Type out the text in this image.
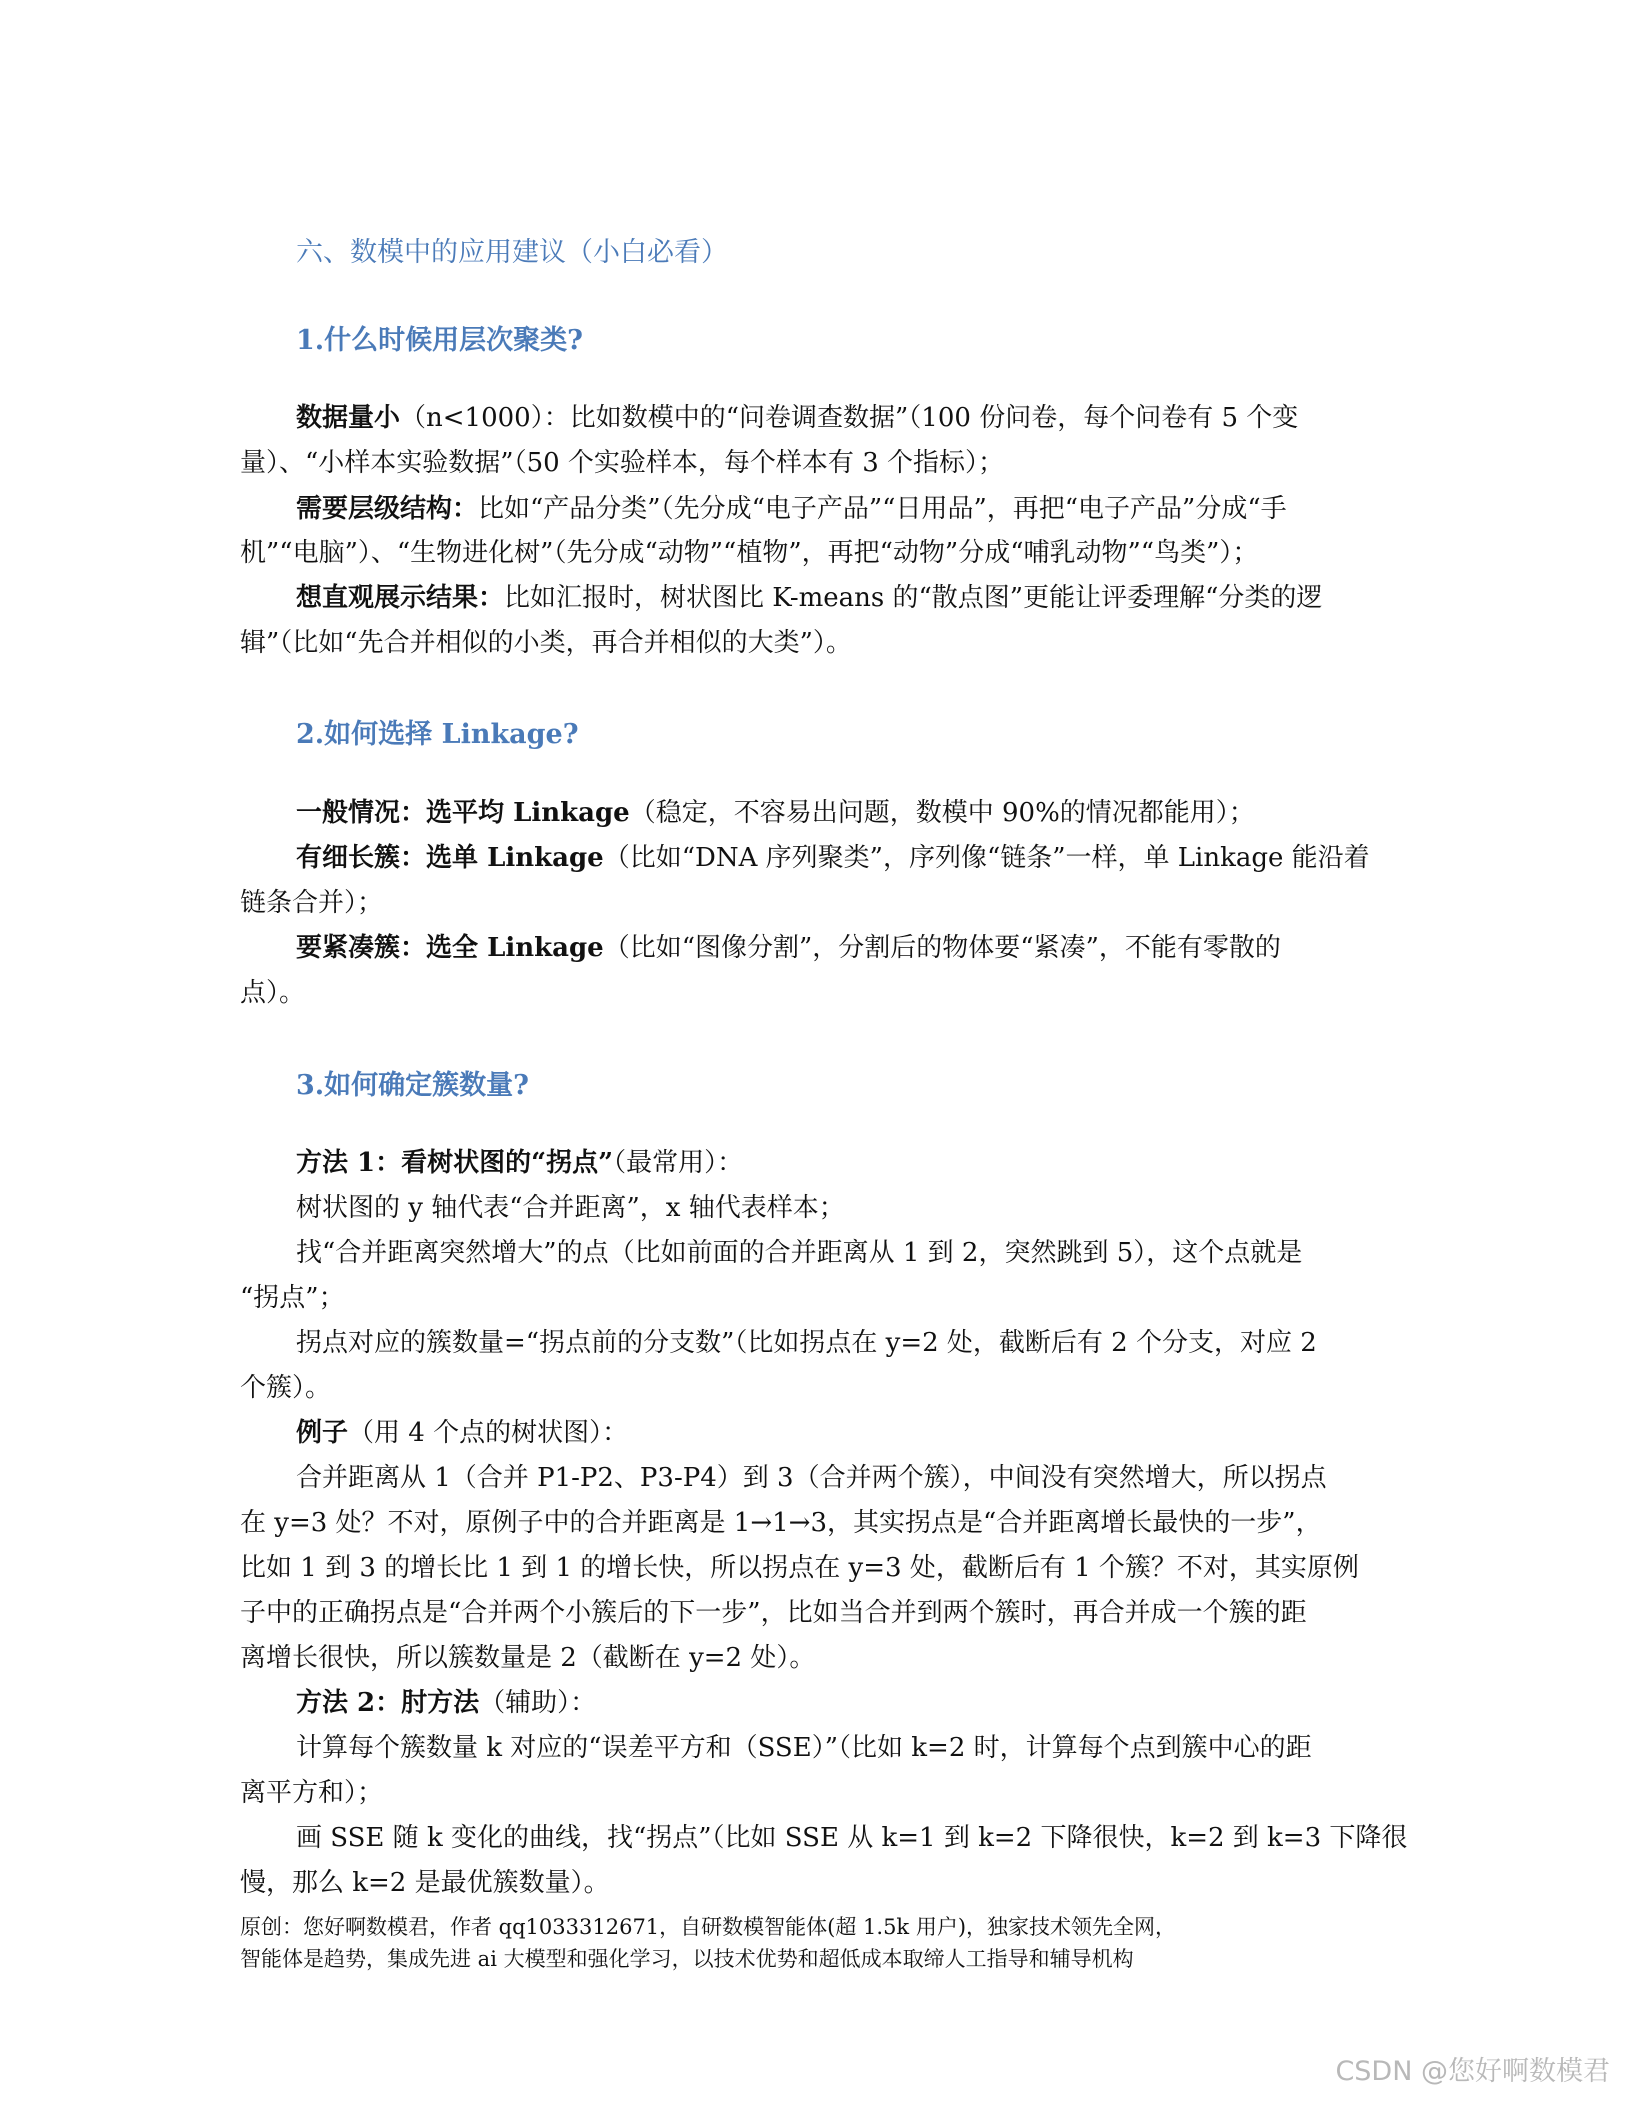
六、数模中的应用建议（小白必看）
1.什么时候用层次聚类?
数据量小（n<1000）：比如数模中的“问卷调查数据”（100 份问卷，每个问卷有 5 个变
量）、“小样本实验数据”（50 个实验样本，每个样本有 3 个指标）；
需要层级结构：比如“产品分类”（先分成“电子产品”“日用品”，再把“电子产品”分成“手
机”“电脑”）、“生物进化树”（先分成“动物”“植物”，再把“动物”分成“哺乳动物”“鸟类”）；
想直观展示结果：比如汇报时，树状图比 K-means 的“散点图”更能让评委理解“分类的逻
辑”（比如“先合并相似的小类，再合并相似的大类”）。
2.如何选择 Linkage?
一般情况：选平均 Linkage（稳定，不容易出问题，数模中 90%的情况都能用）；
有细长簇：选单 Linkage（比如“DNA 序列聚类”，序列像“链条”一样，单 Linkage 能沿着
链条合并）；
要紧凑簇：选全 Linkage（比如“图像分割”，分割后的物体要“紧凑”，不能有零散的
点）。
3.如何确定簇数量?
方法 1：看树状图的“拐点”（最常用）：
树状图的 y 轴代表“合并距离”，x 轴代表样本；
找“合并距离突然增大”的点（比如前面的合并距离从 1 到 2，突然跳到 5），这个点就是
“拐点”；
拐点对应的簇数量=“拐点前的分支数”（比如拐点在 y=2 处，截断后有 2 个分支，对应 2
个簇）。
例子（用 4 个点的树状图）：
合并距离从 1（合并 P1-P2、P3-P4）到 3（合并两个簇），中间没有突然增大，所以拐点
在 y=3 处？不对，原例子中的合并距离是 1→1→3，其实拐点是“合并距离增长最快的一步”，
比如 1 到 3 的增长比 1 到 1 的增长快，所以拐点在 y=3 处，截断后有 1 个簇？不对，其实原例
子中的正确拐点是“合并两个小簇后的下一步”，比如当合并到两个簇时，再合并成一个簇的距
离增长很快，所以簇数量是 2（截断在 y=2 处）。
方法 2：肘方法（辅助）：
计算每个簇数量 k 对应的“误差平方和（SSE）”（比如 k=2 时，计算每个点到簇中心的距
离平方和）；
画 SSE 随 k 变化的曲线，找“拐点”（比如 SSE 从 k=1 到 k=2 下降很快，k=2 到 k=3 下降很
慢，那么 k=2 是最优簇数量）。
原创：您好啊数模君，作者 qq1033312671，自研数模智能体(超 1.5k 用户)，独家技术领先全网，
智能体是趋势，集成先进 ai 大模型和强化学习，以技术优势和超低成本取缔人工指导和辅导机构
CSDN @您好啊数模君
